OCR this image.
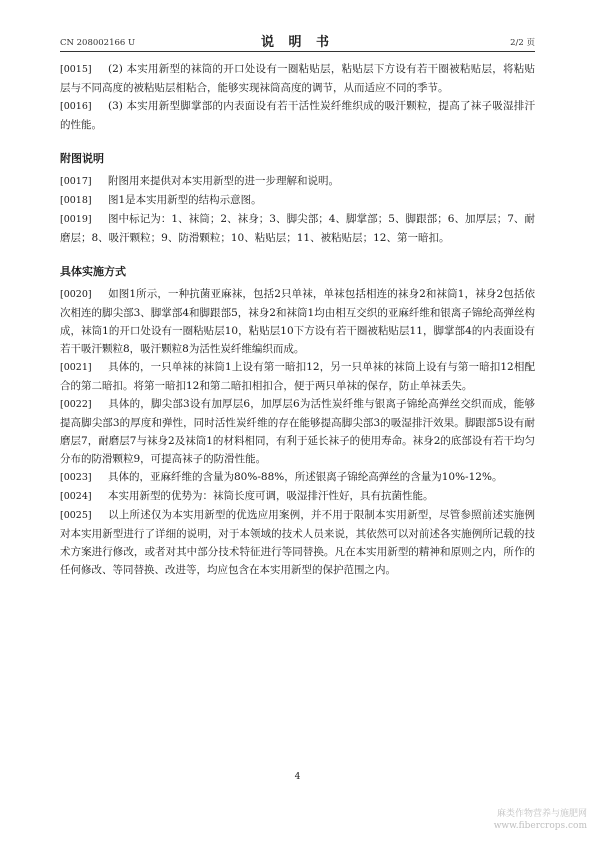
CN 208002166 U	说 明 书	2/2 页

[0015] (2) 本实用新型的袜筒的开口处设有一圈粘贴层，粘贴层下方设有若干圈被粘贴层，将粘贴层与不同高度的被粘贴层相粘合，能够实现袜筒高度的调节，从而适应不同的季节。

[0016] (3) 本实用新型脚掌部的内表面设有若干活性炭纤维织成的吸汗颗粒，提高了袜子吸湿排汗的性能。

附图说明

[0017] 附图用来提供对本实用新型的进一步理解和说明。

[0018] 图1是本实用新型的结构示意图。

[0019] 图中标记为：1、袜筒；2、袜身；3、脚尖部；4、脚掌部；5、脚跟部；6、加厚层；7、耐磨层；8、吸汗颗粒；9、防滑颗粒；10、粘贴层；11、被粘贴层；12、第一暗扣。

具体实施方式

[0020] 如图1所示，一种抗菌亚麻袜，包括2只单袜，单袜包括相连的袜身2和袜筒1，袜身2包括依次相连的脚尖部3、脚掌部4和脚跟部5，袜身2和袜筒1均由相互交织的亚麻纤维和银离子锦纶高弹丝构成，袜筒1的开口处设有一圈粘贴层10，粘贴层10下方设有若干圈被粘贴层11，脚掌部4的内表面设有若干吸汗颗粒8，吸汗颗粒8为活性炭纤维编织而成。

[0021] 具体的，一只单袜的袜筒1上设有第一暗扣12，另一只单袜的袜筒上设有与第一暗扣12相配合的第二暗扣。将第一暗扣12和第二暗扣相扣合，便于两只单袜的保存，防止单袜丢失。

[0022] 具体的，脚尖部3设有加厚层6，加厚层6为活性炭纤维与银离子锦纶高弹丝交织而成，能够提高脚尖部3的厚度和弹性，同时活性炭纤维的存在能够提高脚尖部3的吸湿排汗效果。脚跟部5设有耐磨层7，耐磨层7与袜身2及袜筒1的材料相同，有利于延长袜子的使用寿命。袜身2的底部设有若干均匀分布的防滑颗粒9，可提高袜子的防滑性能。

[0023] 具体的，亚麻纤维的含量为80%-88%，所述银离子锦纶高弹丝的含量为10%-12%。

[0024] 本实用新型的优势为：袜筒长度可调，吸湿排汗性好，具有抗菌性能。

[0025] 以上所述仅为本实用新型的优选应用案例，并不用于限制本实用新型，尽管参照前述实施例对本实用新型进行了详细的说明，对于本领域的技术人员来说，其依然可以对前述各实施例所记载的技术方案进行修改，或者对其中部分技术特征进行等同替换。凡在本实用新型的精神和原则之内，所作的任何修改、等同替换、改进等，均应包含在本实用新型的保护范围之内。

4
麻类作物营养与施肥网
www.fibercrops.com
